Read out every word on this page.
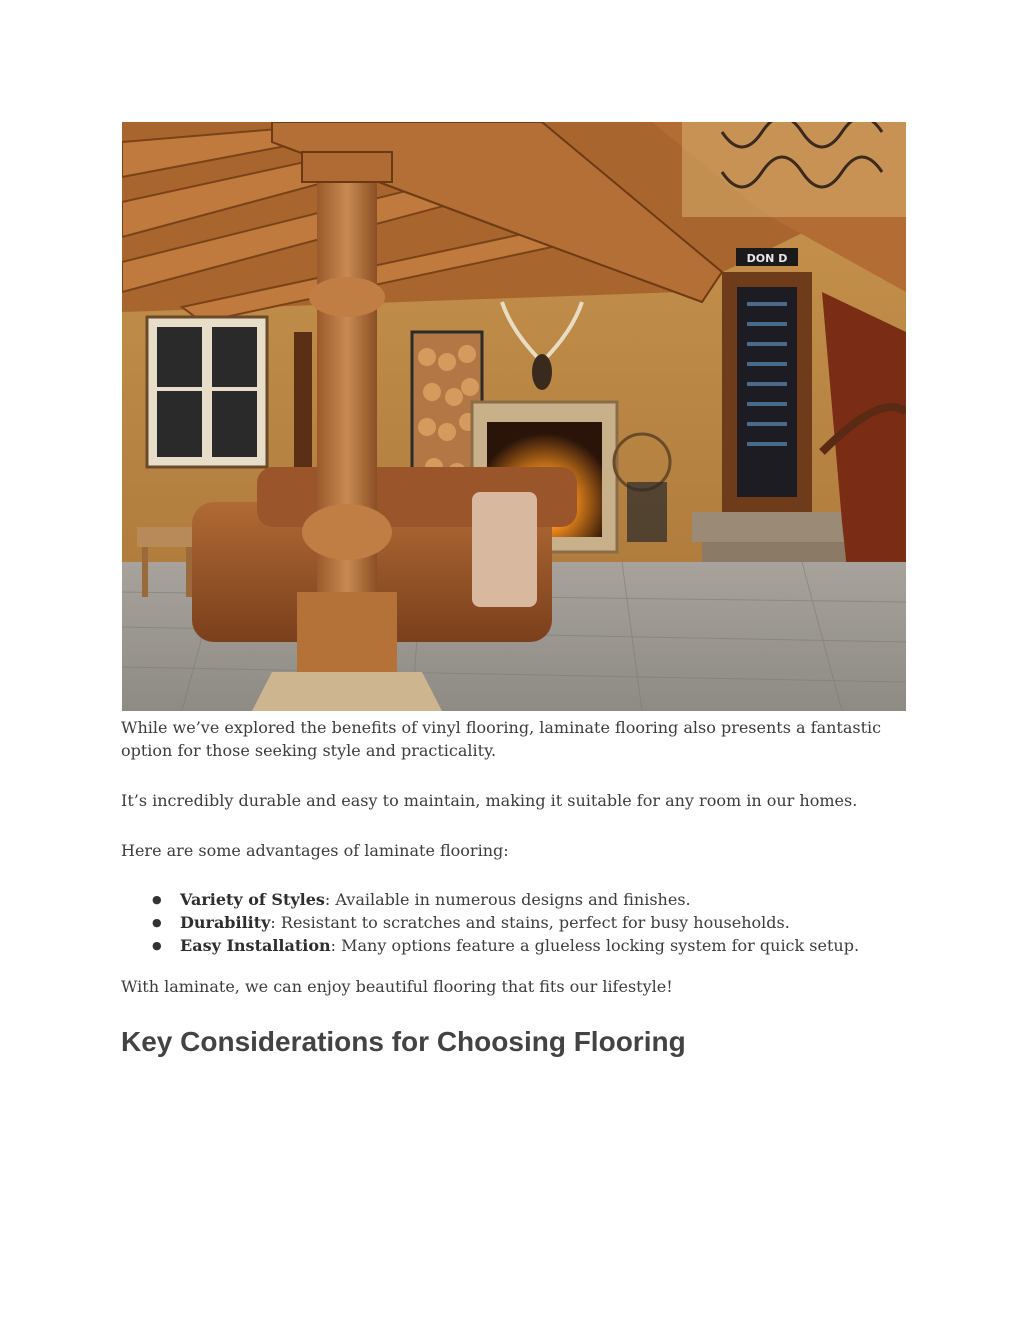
DON D

While we’ve explored the benefits of vinyl flooring, laminate flooring also presents a fantastic option for those seeking style and practicality.

It’s incredibly durable and easy to maintain, making it suitable for any room in our homes.

Here are some advantages of laminate flooring:

● Variety of Styles: Available in numerous designs and finishes.
● Durability: Resistant to scratches and stains, perfect for busy households.
● Easy Installation: Many options feature a glueless locking system for quick setup.

With laminate, we can enjoy beautiful flooring that fits our lifestyle!

Key Considerations for Choosing Flooring
